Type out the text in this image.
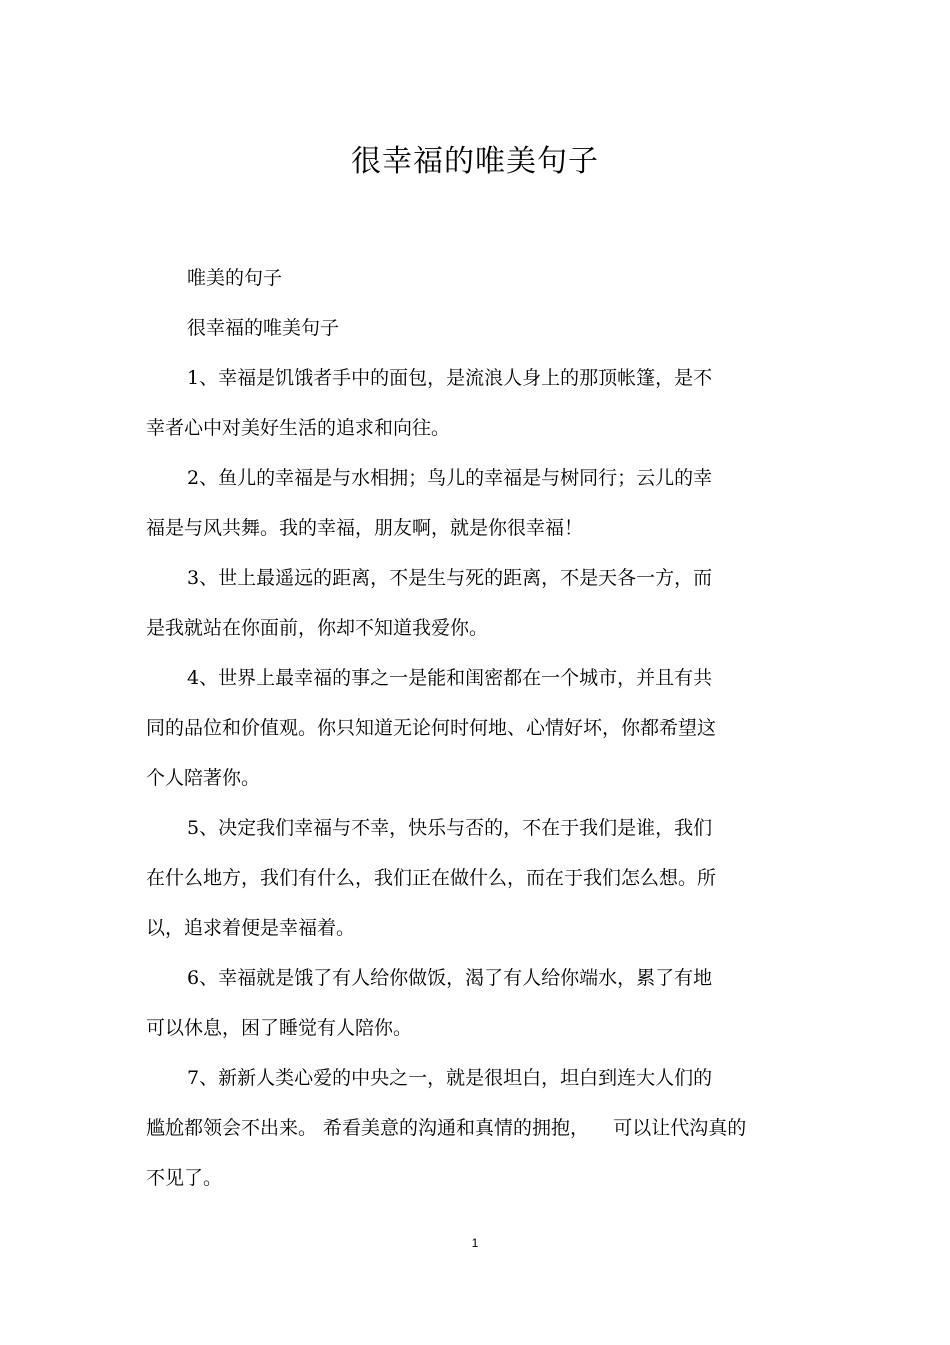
很幸福的唯美句子

唯美的句子

很幸福的唯美句子

1、幸福是饥饿者手中的面包，是流浪人身上的那顶帐篷，是不
幸者心中对美好生活的追求和向往。

2、鱼儿的幸福是与水相拥；鸟儿的幸福是与树同行；云儿的幸
福是与风共舞。我的幸福，朋友啊，就是你很幸福！

3、世上最遥远的距离，不是生与死的距离，不是天各一方，而
是我就站在你面前，你却不知道我爱你。

4、世界上最幸福的事之一是能和闺密都在一个城市，并且有共
同的品位和价值观。你只知道无论何时何地、心情好坏，你都希望这
个人陪著你。

5、决定我们幸福与不幸，快乐与否的，不在于我们是谁，我们
在什么地方，我们有什么，我们正在做什么，而在于我们怎么想。所
以，追求着便是幸福着。

6、幸福就是饿了有人给你做饭，渴了有人给你端水，累了有地
可以休息，困了睡觉有人陪你。

7、新新人类心爱的中央之一，就是很坦白，坦白到连大人们的
尴尬都领会不出来。 希看美意的沟通和真情的拥抱，    可以让代沟真的
不见了。

1
